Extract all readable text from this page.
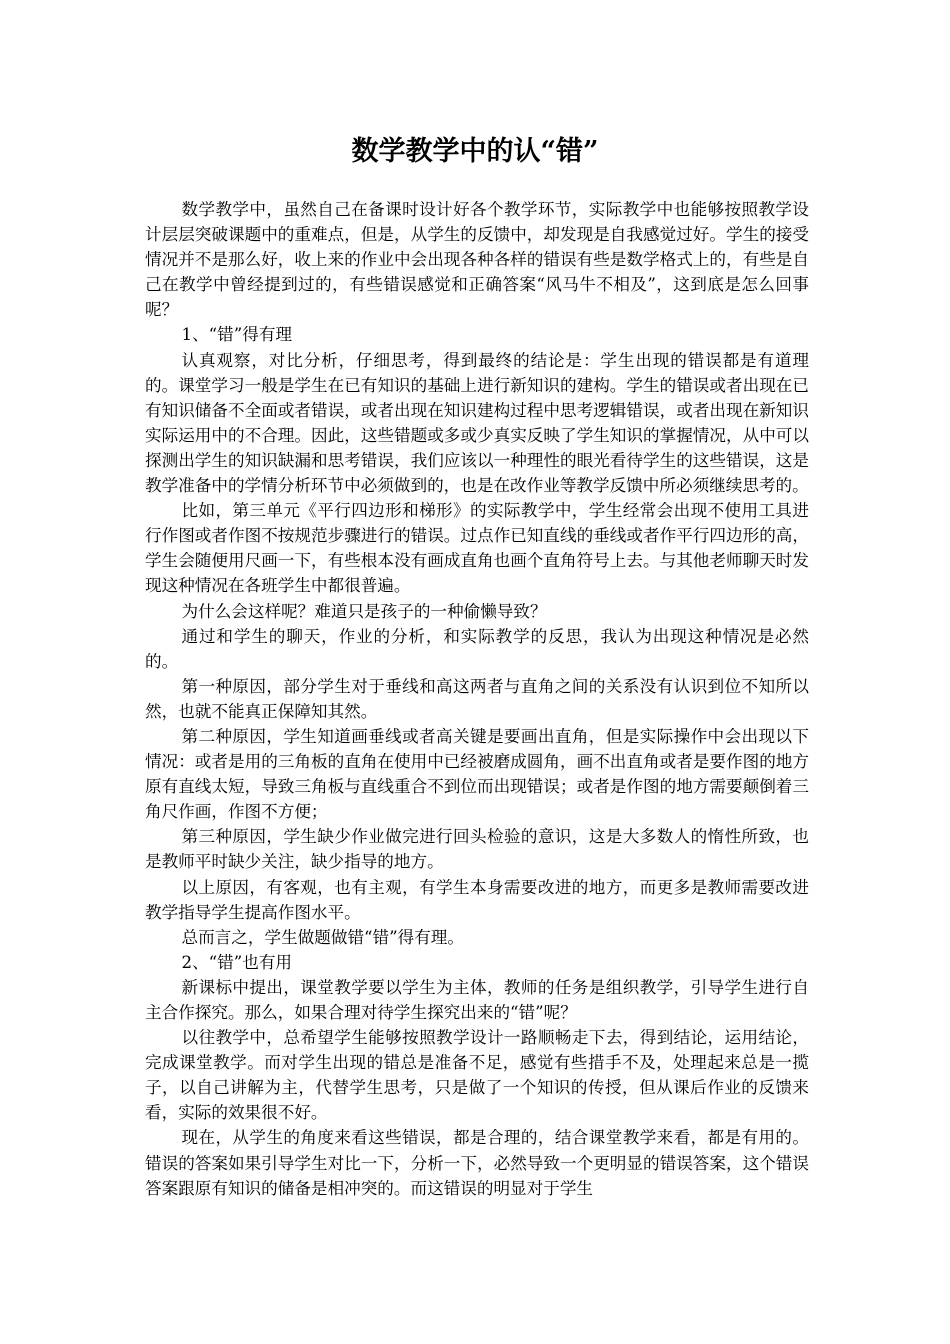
数学教学中的认“错”

数学教学中，虽然自己在备课时设计好各个教学环节，实际教学中也能够按照教学设计层层突破课题中的重难点，但是，从学生的反馈中，却发现是自我感觉过好。学生的接受情况并不是那么好，收上来的作业中会出现各种各样的错误有些是数学格式上的，有些是自己在教学中曾经提到过的，有些错误感觉和正确答案“风马牛不相及”，这到底是怎么回事呢？

1、“错”得有理

认真观察，对比分析，仔细思考，得到最终的结论是：学生出现的错误都是有道理的。课堂学习一般是学生在已有知识的基础上进行新知识的建构。学生的错误或者出现在已有知识储备不全面或者错误，或者出现在知识建构过程中思考逻辑错误，或者出现在新知识实际运用中的不合理。因此，这些错题或多或少真实反映了学生知识的掌握情况，从中可以探测出学生的知识缺漏和思考错误，我们应该以一种理性的眼光看待学生的这些错误，这是教学准备中的学情分析环节中必须做到的，也是在改作业等教学反馈中所必须继续思考的。

比如，第三单元《平行四边形和梯形》的实际教学中，学生经常会出现不使用工具进行作图或者作图不按规范步骤进行的错误。过点作已知直线的垂线或者作平行四边形的高，学生会随便用尺画一下，有些根本没有画成直角也画个直角符号上去。与其他老师聊天时发现这种情况在各班学生中都很普遍。

为什么会这样呢？难道只是孩子的一种偷懒导致？

通过和学生的聊天，作业的分析，和实际教学的反思，我认为出现这种情况是必然的。

第一种原因，部分学生对于垂线和高这两者与直角之间的关系没有认识到位不知所以然，也就不能真正保障知其然。

第二种原因，学生知道画垂线或者高关键是要画出直角，但是实际操作中会出现以下情况：或者是用的三角板的直角在使用中已经被磨成圆角，画不出直角或者是要作图的地方原有直线太短，导致三角板与直线重合不到位而出现错误；或者是作图的地方需要颠倒着三角尺作画，作图不方便；

第三种原因，学生缺少作业做完进行回头检验的意识，这是大多数人的惰性所致，也是教师平时缺少关注，缺少指导的地方。

以上原因，有客观，也有主观，有学生本身需要改进的地方，而更多是教师需要改进教学指导学生提高作图水平。

总而言之，学生做题做错“错”得有理。

2、“错”也有用

新课标中提出，课堂教学要以学生为主体，教师的任务是组织教学，引导学生进行自主合作探究。那么，如果合理对待学生探究出来的“错”呢？

以往教学中，总希望学生能够按照教学设计一路顺畅走下去，得到结论，运用结论，完成课堂教学。而对学生出现的错总是准备不足，感觉有些措手不及，处理起来总是一揽子，以自己讲解为主，代替学生思考，只是做了一个知识的传授，但从课后作业的反馈来看，实际的效果很不好。

现在，从学生的角度来看这些错误，都是合理的，结合课堂教学来看，都是有用的。错误的答案如果引导学生对比一下，分析一下，必然导致一个更明显的错误答案，这个错误答案跟原有知识的储备是相冲突的。而这错误的明显对于学生
